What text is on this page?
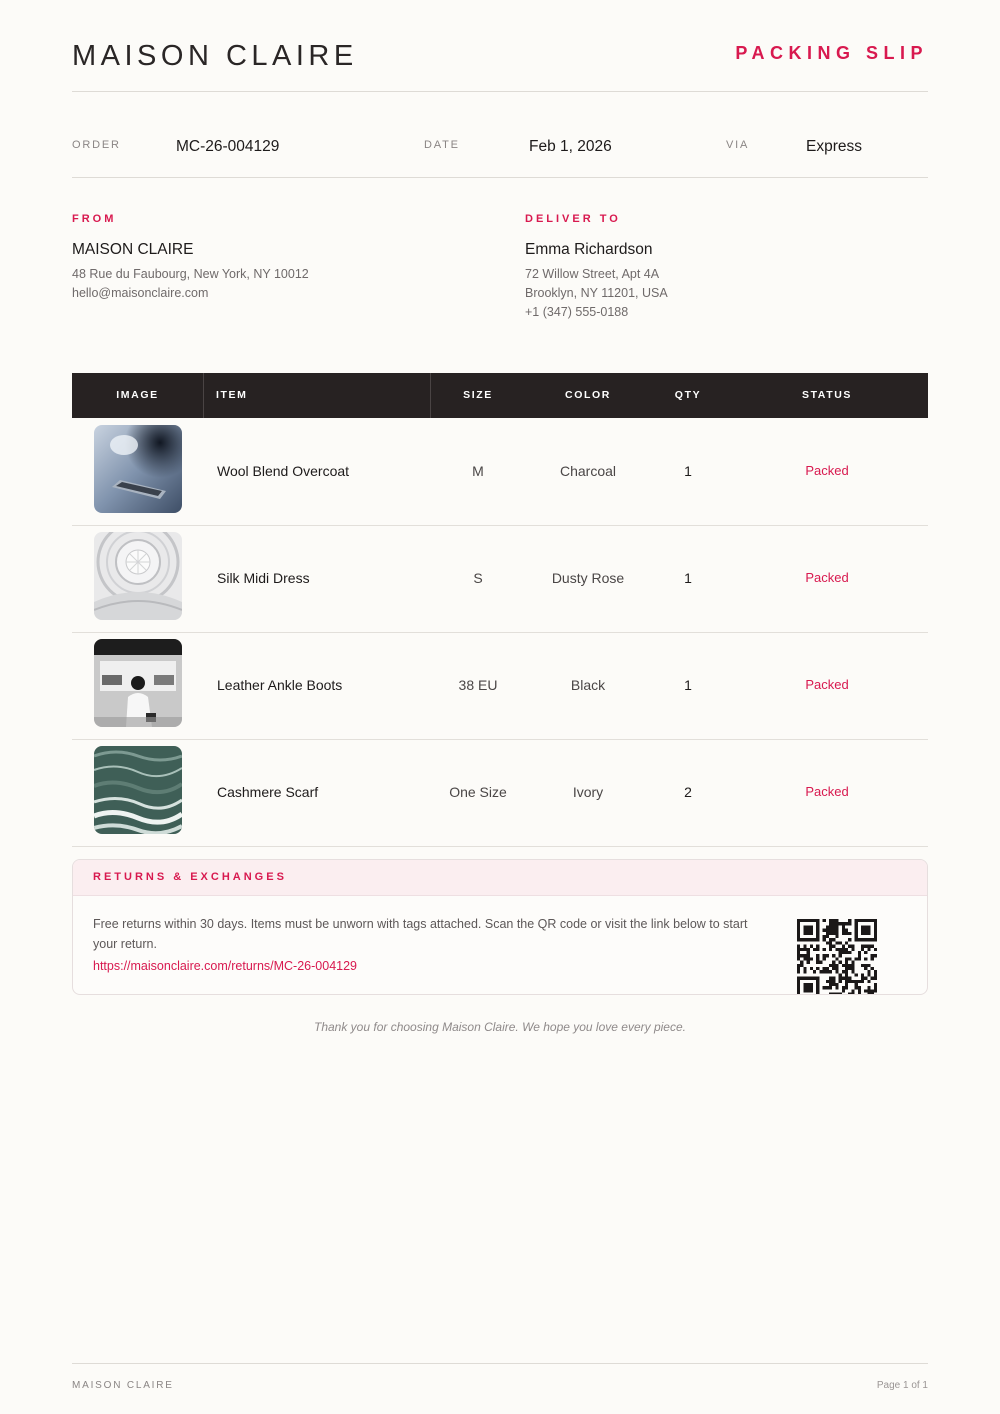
MAISON CLAIRE	PACKING SLIP
ORDER	MC-26-004129	DATE	Feb 1, 2026	VIA	Express
FROM
MAISON CLAIRE
48 Rue du Faubourg, New York, NY 10012
hello@maisonclaire.com
DELIVER TO
Emma Richardson
72 Willow Street, Apt 4A
Brooklyn, NY 11201, USA
+1 (347) 555-0188
IMAGE	ITEM	SIZE	COLOR	QTY	STATUS
Wool Blend Overcoat	M	Charcoal	1	Packed
Silk Midi Dress	S	Dusty Rose	1	Packed
Leather Ankle Boots	38 EU	Black	1	Packed
Cashmere Scarf	One Size	Ivory	2	Packed
RETURNS & EXCHANGES
Free returns within 30 days. Items must be unworn with tags attached. Scan the QR code or visit the link below to start your return.
https://maisonclaire.com/returns/MC-26-004129
Thank you for choosing Maison Claire. We hope you love every piece.
MAISON CLAIRE	Page 1 of 1
